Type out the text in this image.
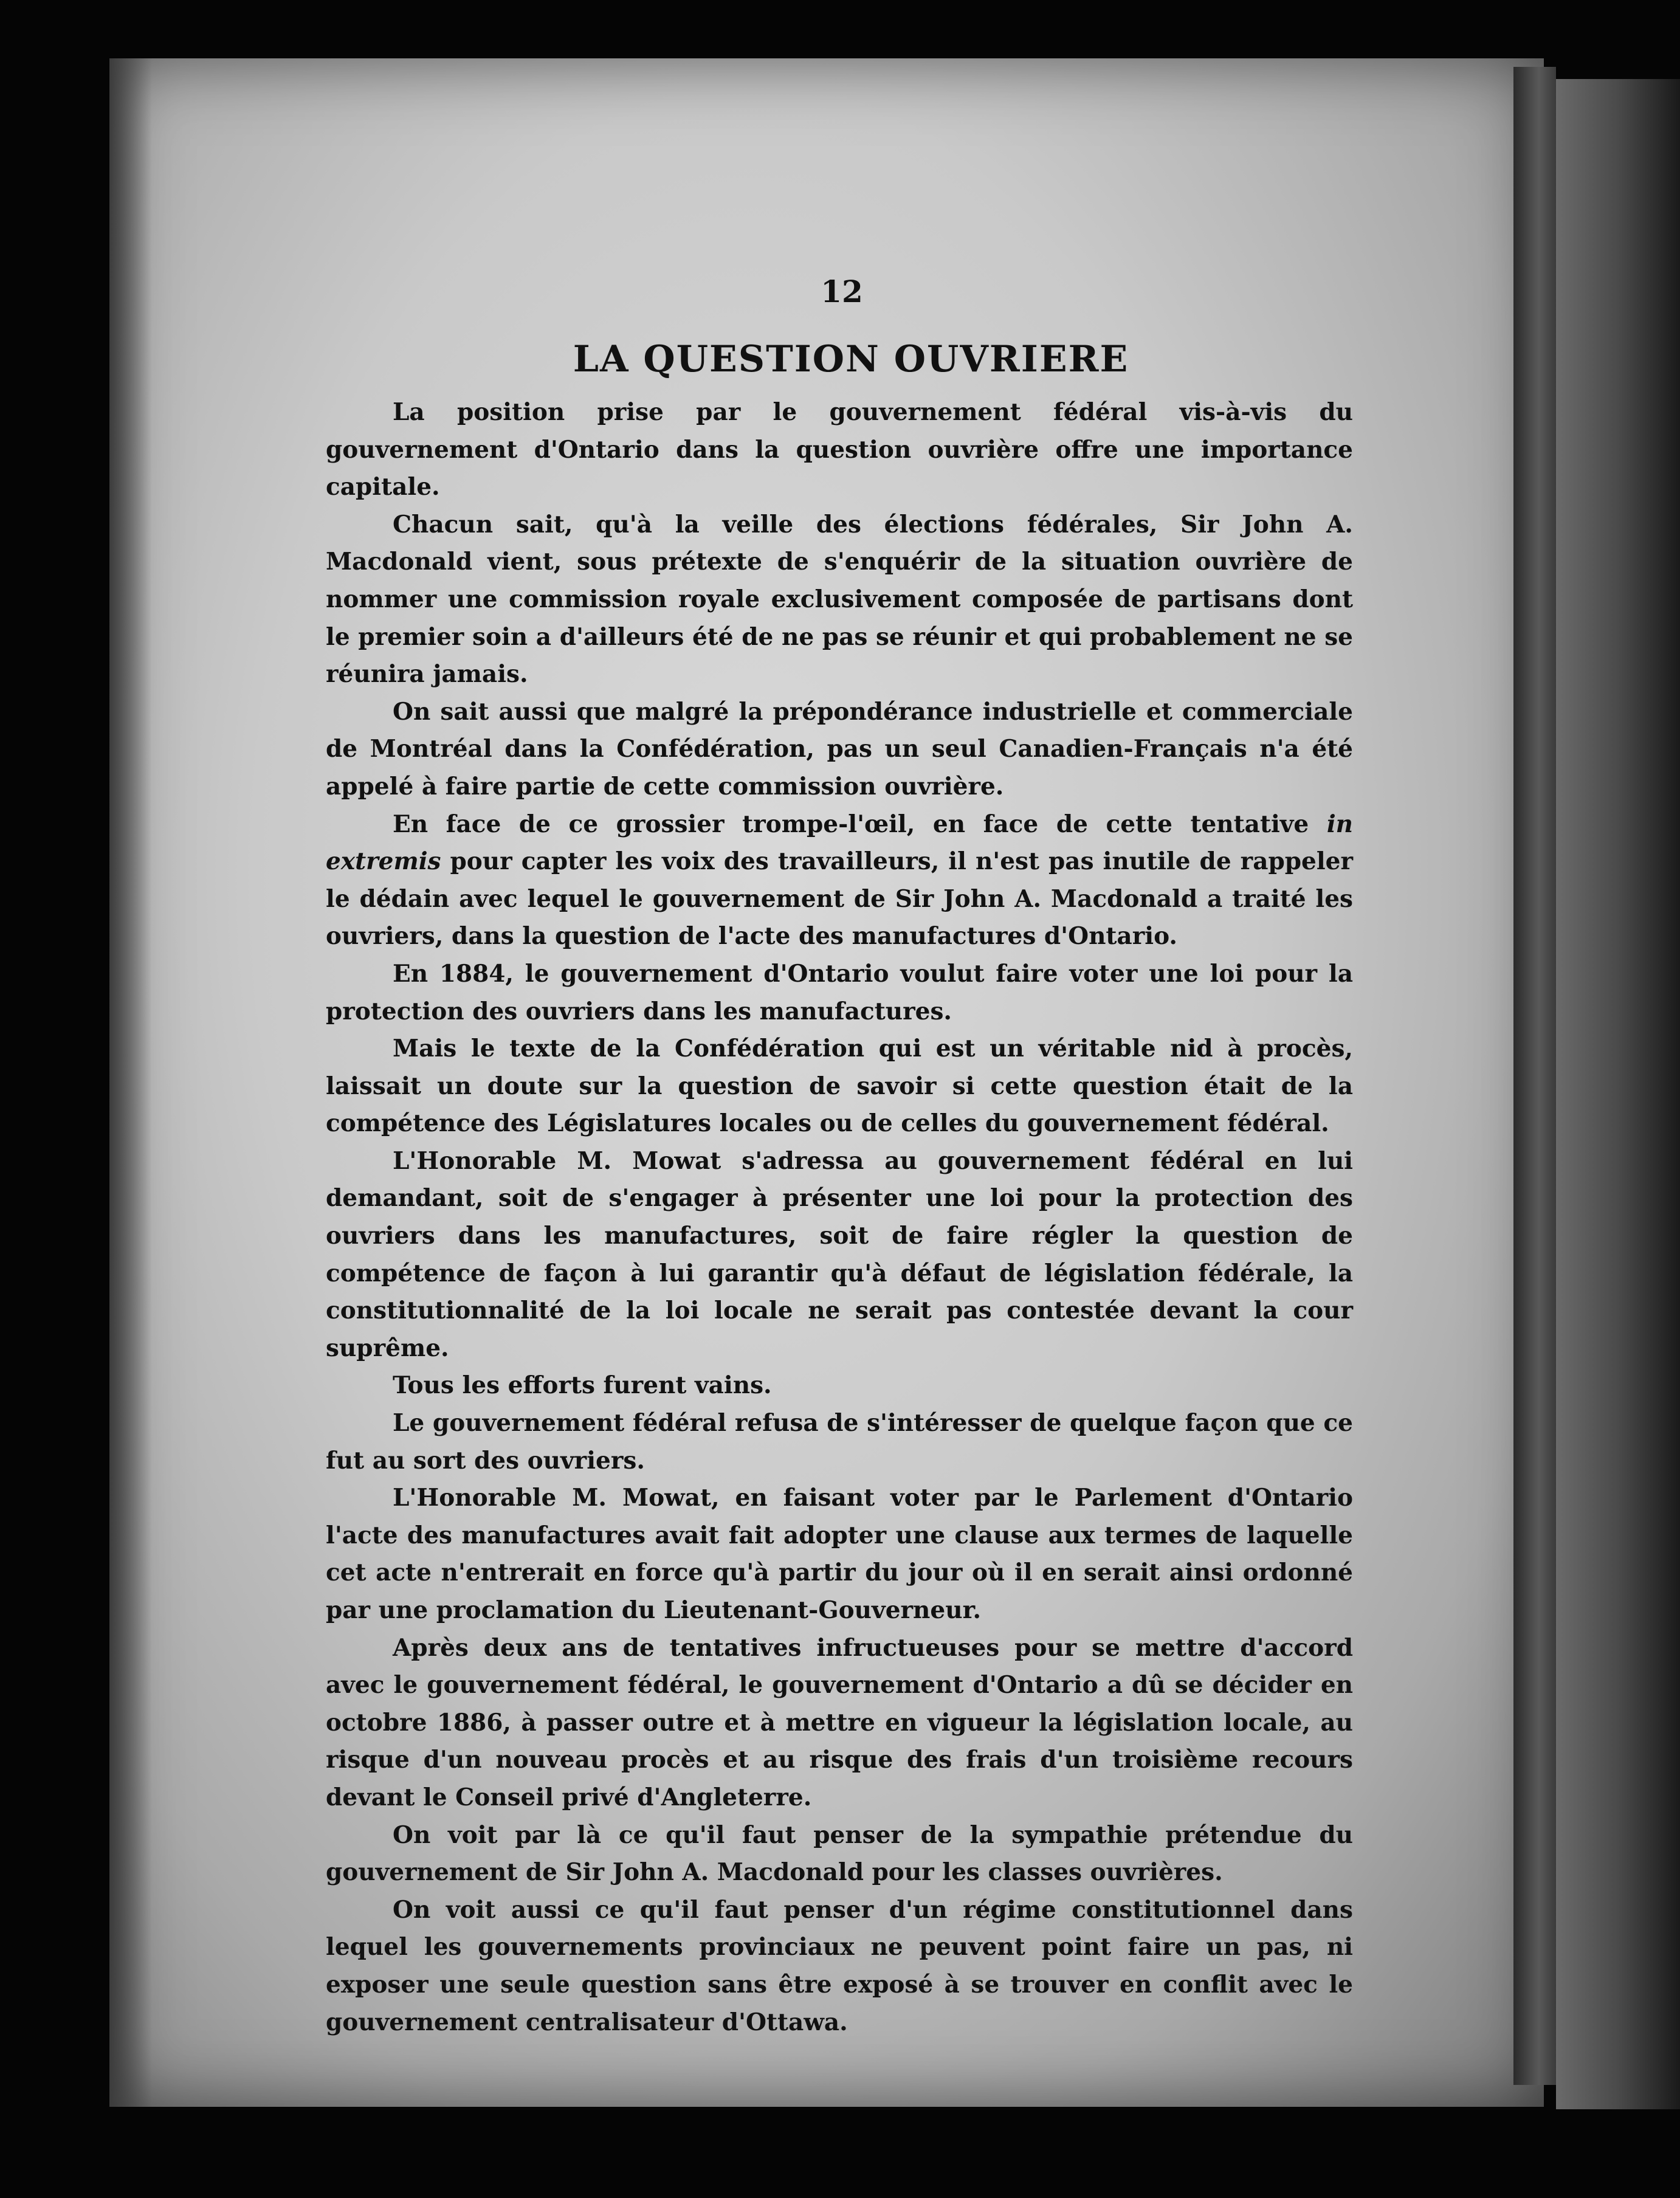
12
LA QUESTION OUVRIERE

La position prise par le gouvernement fédéral vis-à-vis du gouvernement d'Ontario dans la question ouvrière offre une importance capitale.

Chacun sait, qu'à la veille des élections fédérales, Sir John A. Macdonald vient, sous prétexte de s'enquérir de la situation ouvrière de nommer une commission royale exclusivement composée de partisans dont le premier soin a d'ailleurs été de ne pas se réunir et qui probablement ne se réunira jamais.

On sait aussi que malgré la prépondérance industrielle et commerciale de Montréal dans la Confédération, pas un seul Canadien-Français n'a été appelé à faire partie de cette commission ouvrière.

En face de ce grossier trompe-l'œil, en face de cette tentative in extremis pour capter les voix des travailleurs, il n'est pas inutile de rappeler le dédain avec lequel le gouvernement de Sir John A. Macdonald a traité les ouvriers, dans la question de l'acte des manufactures d'Ontario.

En 1884, le gouvernement d'Ontario voulut faire voter une loi pour la protection des ouvriers dans les manufactures.

Mais le texte de la Confédération qui est un véritable nid à procès, laissait un doute sur la question de savoir si cette question était de la compétence des Législatures locales ou de celles du gouvernement fédéral.

L'Honorable M. Mowat s'adressa au gouvernement fédéral en lui demandant, soit de s'engager à présenter une loi pour la protection des ouvriers dans les manufactures, soit de faire régler la question de compétence de façon à lui garantir qu'à défaut de législation fédérale, la constitutionnalité de la loi locale ne serait pas contestée devant la cour suprême.

Tous les efforts furent vains.

Le gouvernement fédéral refusa de s'intéresser de quelque façon que ce fut au sort des ouvriers.

L'Honorable M. Mowat, en faisant voter par le Parlement d'Ontario l'acte des manufactures avait fait adopter une clause aux termes de laquelle cet acte n'entrerait en force qu'à partir du jour où il en serait ainsi ordonné par une proclamation du Lieutenant-Gouverneur.

Après deux ans de tentatives infructueuses pour se mettre d'accord avec le gouvernement fédéral, le gouvernement d'Ontario a dû se décider en octobre 1886, à passer outre et à mettre en vigueur la législation locale, au risque d'un nouveau procès et au risque des frais d'un troisième recours devant le Conseil privé d'Angleterre.

On voit par là ce qu'il faut penser de la sympathie prétendue du gouvernement de Sir John A. Macdonald pour les classes ouvrières.

On voit aussi ce qu'il faut penser d'un régime constitutionnel dans lequel les gouvernements provinciaux ne peuvent point faire un pas, ni exposer une seule question sans être exposé à se trouver en conflit avec le gouvernement centralisateur d'Ottawa.
